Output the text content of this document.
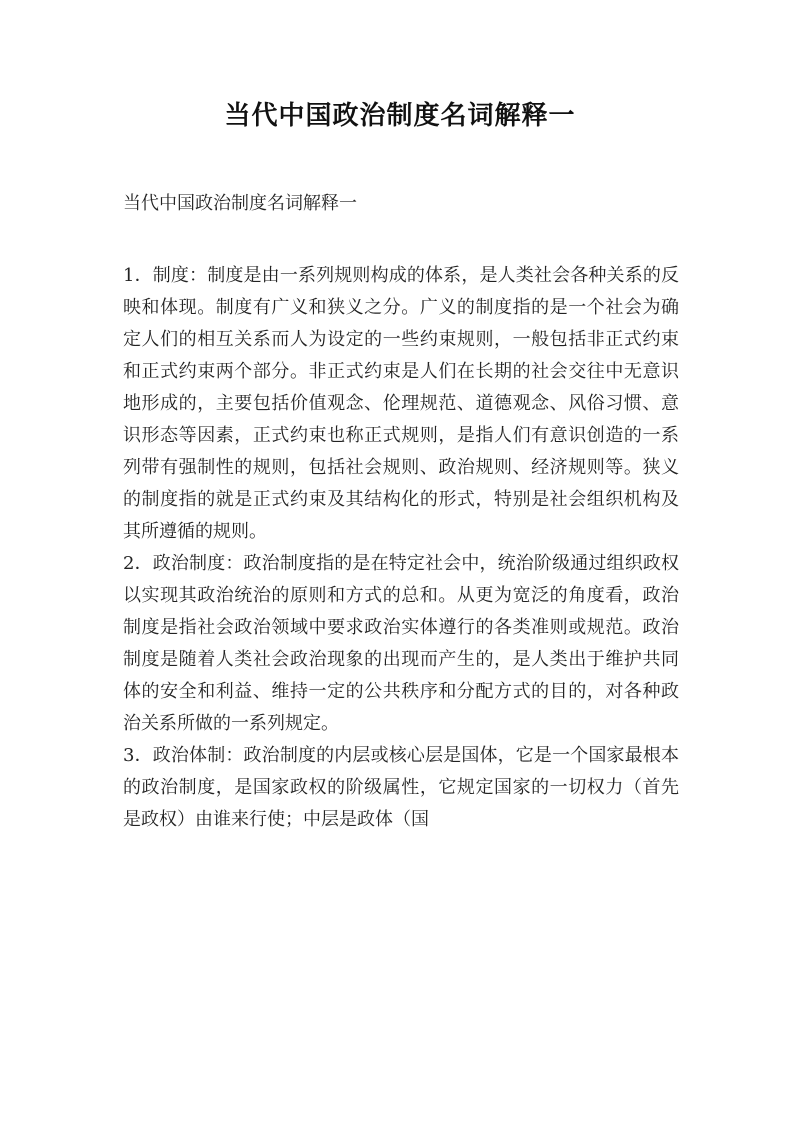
当代中国政治制度名词解释一
当代中国政治制度名词解释一

1．制度：制度是由一系列规则构成的体系，是人类社会各种关系的反映和体现。制度有广义和狭义之分。广义的制度指的是一个社会为确定人们的相互关系而人为设定的一些约束规则，一般包括非正式约束和正式约束两个部分。非正式约束是人们在长期的社会交往中无意识地形成的，主要包括价值观念、伦理规范、道德观念、风俗习惯、意识形态等因素，正式约束也称正式规则，是指人们有意识创造的一系列带有强制性的规则，包括社会规则、政治规则、经济规则等。狭义的制度指的就是正式约束及其结构化的形式，特别是社会组织机构及其所遵循的规则。

2．政治制度：政治制度指的是在特定社会中，统治阶级通过组织政权以实现其政治统治的原则和方式的总和。从更为宽泛的角度看，政治制度是指社会政治领域中要求政治实体遵行的各类准则或规范。政治制度是随着人类社会政治现象的出现而产生的，是人类出于维护共同体的安全和利益、维持一定的公共秩序和分配方式的目的，对各种政治关系所做的一系列规定。

3．政治体制：政治制度的内层或核心层是国体，它是一个国家最根本的政治制度，是国家政权的阶级属性，它规定国家的一切权力（首先是政权）由谁来行使；中层是政体（国
